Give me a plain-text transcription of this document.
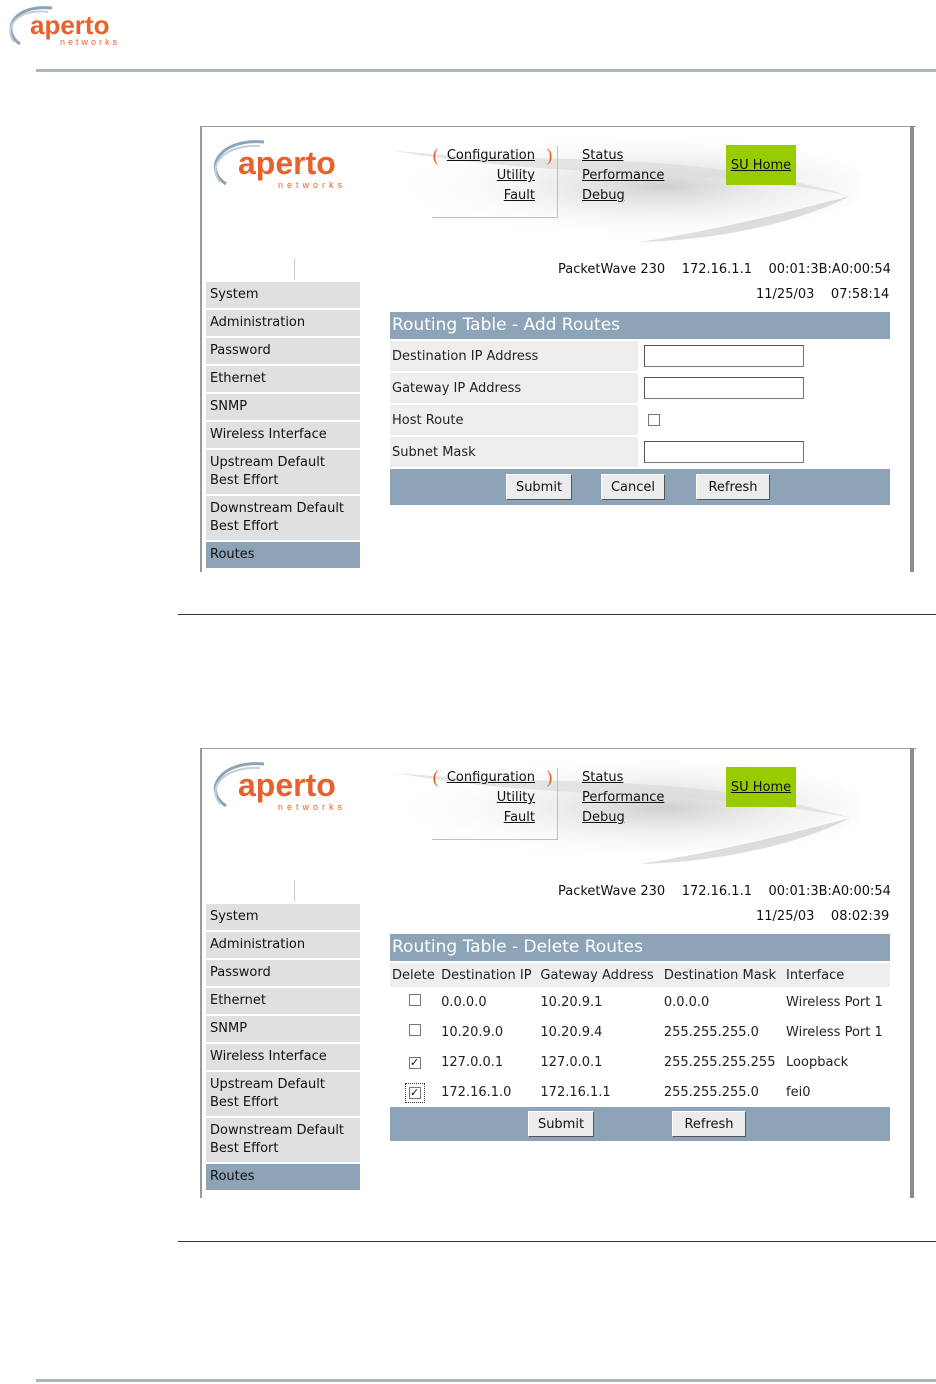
aperto
networks
aperto
networks
( Configuration )
Utility
Fault
Status
Performance
Debug
SU Home
PacketWave 230 172.16.1.1 00:01:3B:A0:00:54
11/25/03 07:58:14
System
Administration
Password
Ethernet
SNMP
Wireless Interface
Upstream Default Best Effort
Downstream Default Best Effort
Routes
Routing Table - Add Routes
Destination IP Address
Gateway IP Address
Host Route
Subnet Mask
Submit	Cancel	Refresh
aperto
networks
( Configuration )
Utility
Fault
Status
Performance
Debug
SU Home
PacketWave 230 172.16.1.1 00:01:3B:A0:00:54
11/25/03 08:02:39
System
Administration
Password
Ethernet
SNMP
Wireless Interface
Upstream Default Best Effort
Downstream Default Best Effort
Routes
Routing Table - Delete Routes
Delete	Destination IP	Gateway Address	Destination Mask	Interface
	0.0.0.0	10.20.9.1	0.0.0.0	Wireless Port 1
	10.20.9.0	10.20.9.4	255.255.255.0	Wireless Port 1
✓	127.0.0.1	127.0.0.1	255.255.255.255	Loopback
✓	172.16.1.0	172.16.1.1	255.255.255.0	fei0
Submit	Refresh
